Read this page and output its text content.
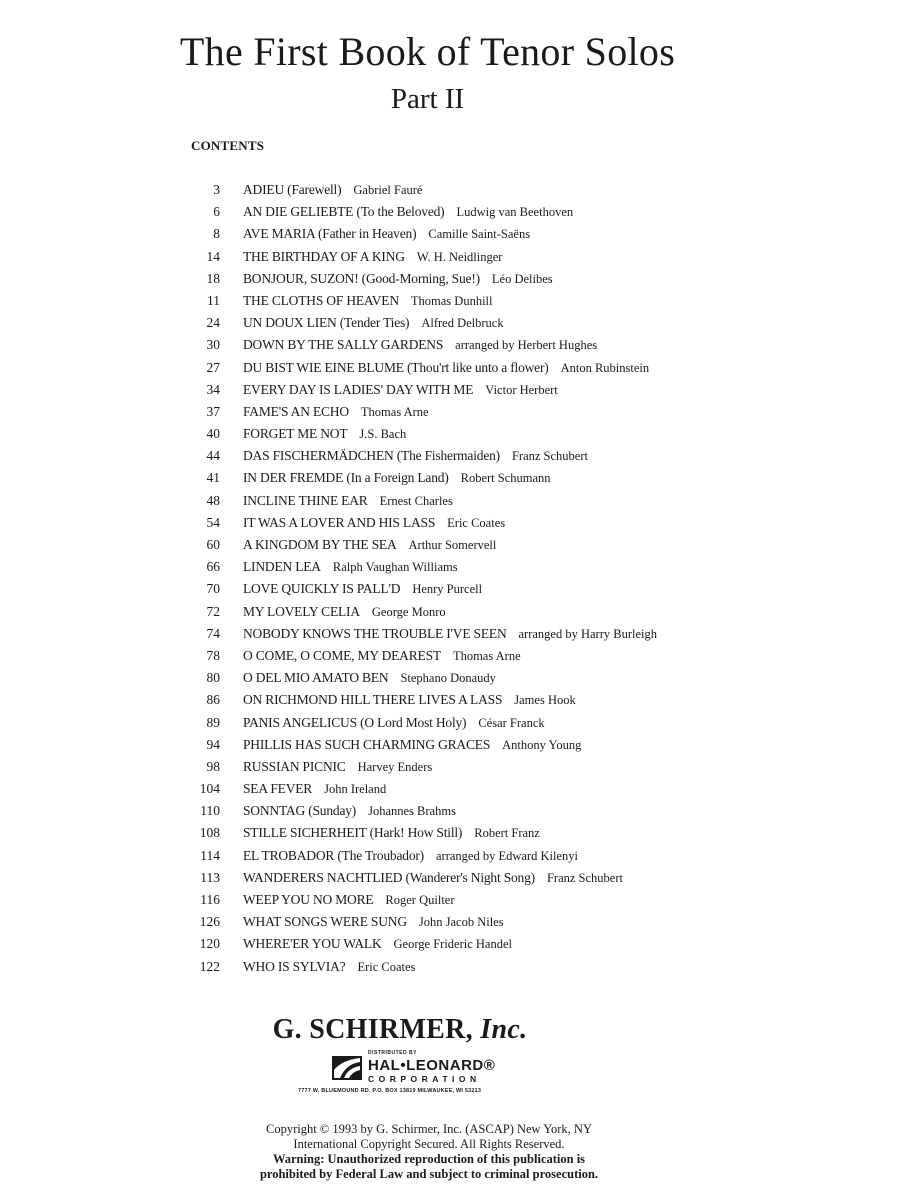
The First Book of Tenor Solos
Part II
CONTENTS
3 ADIEU (Farewell) Gabriel Fauré
6 AN DIE GELIEBTE (To the Beloved) Ludwig van Beethoven
8 AVE MARIA (Father in Heaven) Camille Saint-Saëns
14 THE BIRTHDAY OF A KING W. H. Neidlinger
18 BONJOUR, SUZON! (Good-Morning, Sue!) Léo Delibes
11 THE CLOTHS OF HEAVEN Thomas Dunhill
24 UN DOUX LIEN (Tender Ties) Alfred Delbruck
30 DOWN BY THE SALLY GARDENS arranged by Herbert Hughes
27 DU BIST WIE EINE BLUME (Thou'rt like unto a flower) Anton Rubinstein
34 EVERY DAY IS LADIES' DAY WITH ME Victor Herbert
37 FAME'S AN ECHO Thomas Arne
40 FORGET ME NOT J.S. Bach
44 DAS FISCHERMÄDCHEN (The Fishermaiden) Franz Schubert
41 IN DER FREMDE (In a Foreign Land) Robert Schumann
48 INCLINE THINE EAR Ernest Charles
54 IT WAS A LOVER AND HIS LASS Eric Coates
60 A KINGDOM BY THE SEA Arthur Somervell
66 LINDEN LEA Ralph Vaughan Williams
70 LOVE QUICKLY IS PALL'D Henry Purcell
72 MY LOVELY CELIA George Monro
74 NOBODY KNOWS THE TROUBLE I'VE SEEN arranged by Harry Burleigh
78 O COME, O COME, MY DEAREST Thomas Arne
80 O DEL MIO AMATO BEN Stephano Donaudy
86 ON RICHMOND HILL THERE LIVES A LASS James Hook
89 PANIS ANGELICUS (O Lord Most Holy) César Franck
94 PHILLIS HAS SUCH CHARMING GRACES Anthony Young
98 RUSSIAN PICNIC Harvey Enders
104 SEA FEVER John Ireland
110 SONNTAG (Sunday) Johannes Brahms
108 STILLE SICHERHEIT (Hark! How Still) Robert Franz
114 EL TROBADOR (The Troubador) arranged by Edward Kilenyi
113 WANDERERS NACHTLIED (Wanderer's Night Song) Franz Schubert
116 WEEP YOU NO MORE Roger Quilter
126 WHAT SONGS WERE SUNG John Jacob Niles
120 WHERE'ER YOU WALK George Frideric Handel
122 WHO IS SYLVIA? Eric Coates
G. SCHIRMER, Inc.
DISTRIBUTED BY
HAL•LEONARD®
CORPORATION
7777 W. BLUEMOUND RD. P.O. BOX 13819 MILWAUKEE, WI 53213
Copyright © 1993 by G. Schirmer, Inc. (ASCAP) New York, NY
International Copyright Secured. All Rights Reserved.
Warning: Unauthorized reproduction of this publication is
prohibited by Federal Law and subject to criminal prosecution.
